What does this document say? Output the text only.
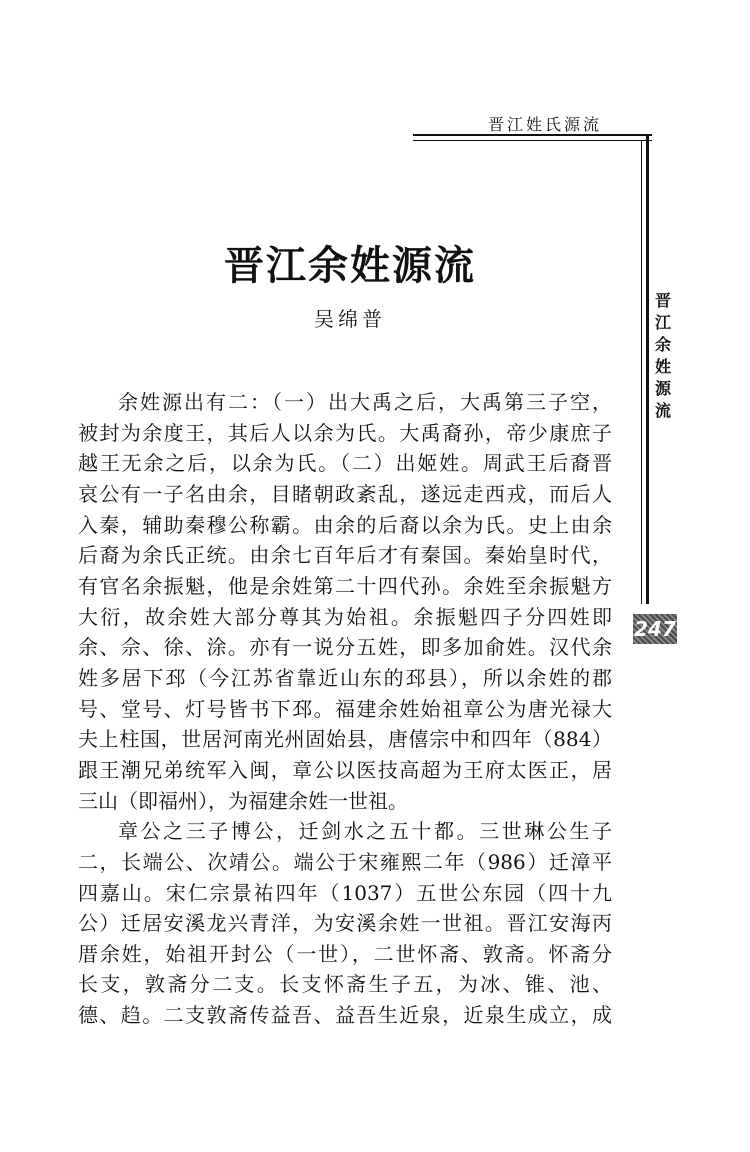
晋江姓氏源流
晋江余姓源流
247
晋江余姓源流
吴绵普
余姓源出有二：（一）出大禹之后，大禹第三子空，
被封为余度王，其后人以余为氏。大禹裔孙，帝少康庶子
越王无余之后，以余为氏。（二）出姬姓。周武王后裔晋
哀公有一子名由余，目睹朝政紊乱，遂远走西戎，而后人
入秦，辅助秦穆公称霸。由余的后裔以余为氏。史上由余
后裔为余氏正统。由余七百年后才有秦国。秦始皇时代，
有官名余振魁，他是余姓第二十四代孙。余姓至余振魁方
大衍，故余姓大部分尊其为始祖。余振魁四子分四姓即
余、佘、徐、涂。亦有一说分五姓，即多加俞姓。汉代余
姓多居下邳（今江苏省靠近山东的邳县），所以余姓的郡
号、堂号、灯号皆书下邳。福建余姓始祖章公为唐光禄大
夫上柱国，世居河南光州固始县，唐僖宗中和四年（884）
跟王潮兄弟统军入闽，章公以医技高超为王府太医正，居
三山（即福州），为福建余姓一世祖。
章公之三子博公，迁剑水之五十都。三世琳公生子
二，长端公、次靖公。端公于宋雍熙二年（986）迁漳平
四嘉山。宋仁宗景祐四年（1037）五世公东园（四十九
公）迁居安溪龙兴青洋，为安溪余姓一世祖。晋江安海丙
厝余姓，始祖开封公（一世），二世怀斋、敦斋。怀斋分
长支，敦斋分二支。长支怀斋生子五，为冰、锥、池、
德、趋。二支敦斋传益吾、益吾生近泉，近泉生成立，成
